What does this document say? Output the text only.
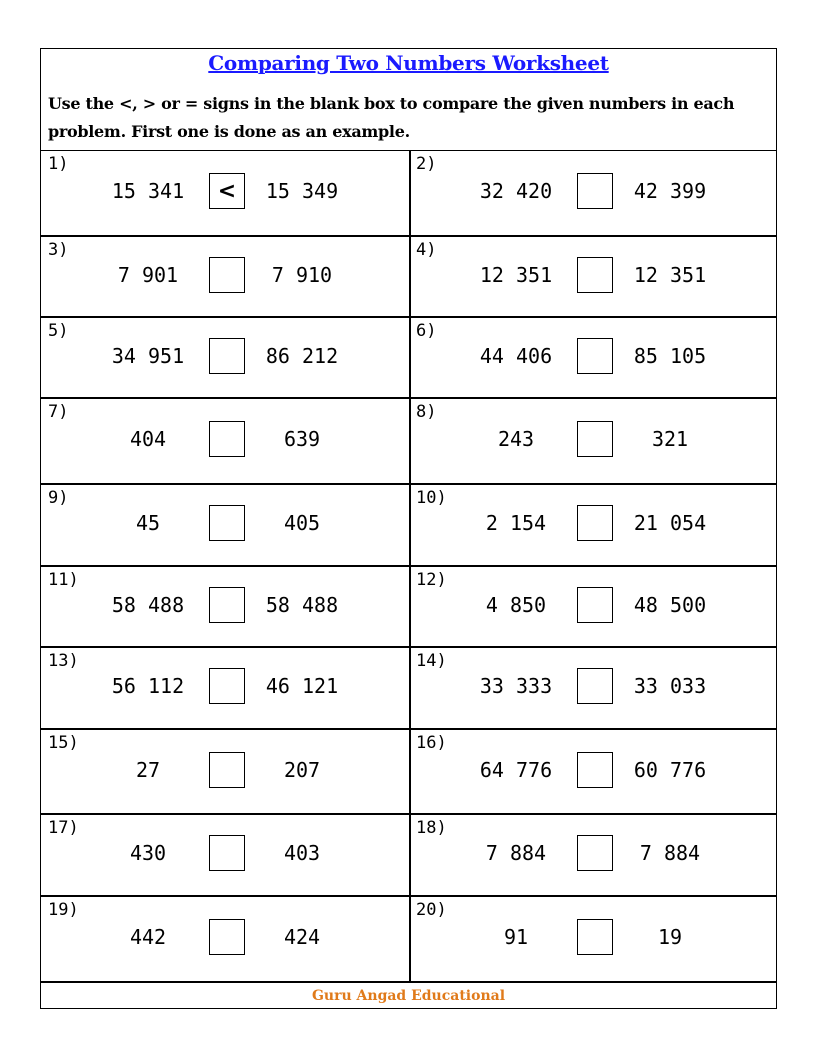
Comparing Two Numbers Worksheet
Use the <, > or = signs in the blank box to compare the given numbers in each
problem. First one is done as an example.
1)
15 341	<	15 349
2)
32 420	42 399
3)
7 901	7 910
4)
12 351	12 351
5)
34 951	86 212
6)
44 406	85 105
7)
404	639
8)
243	321
9)
45	405
10)
2 154	21 054
11)
58 488	58 488
12)
4 850	48 500
13)
56 112	46 121
14)
33 333	33 033
15)
27	207
16)
64 776	60 776
17)
430	403
18)
7 884	7 884
19)
442	424
20)
91	19
Guru Angad Educational
